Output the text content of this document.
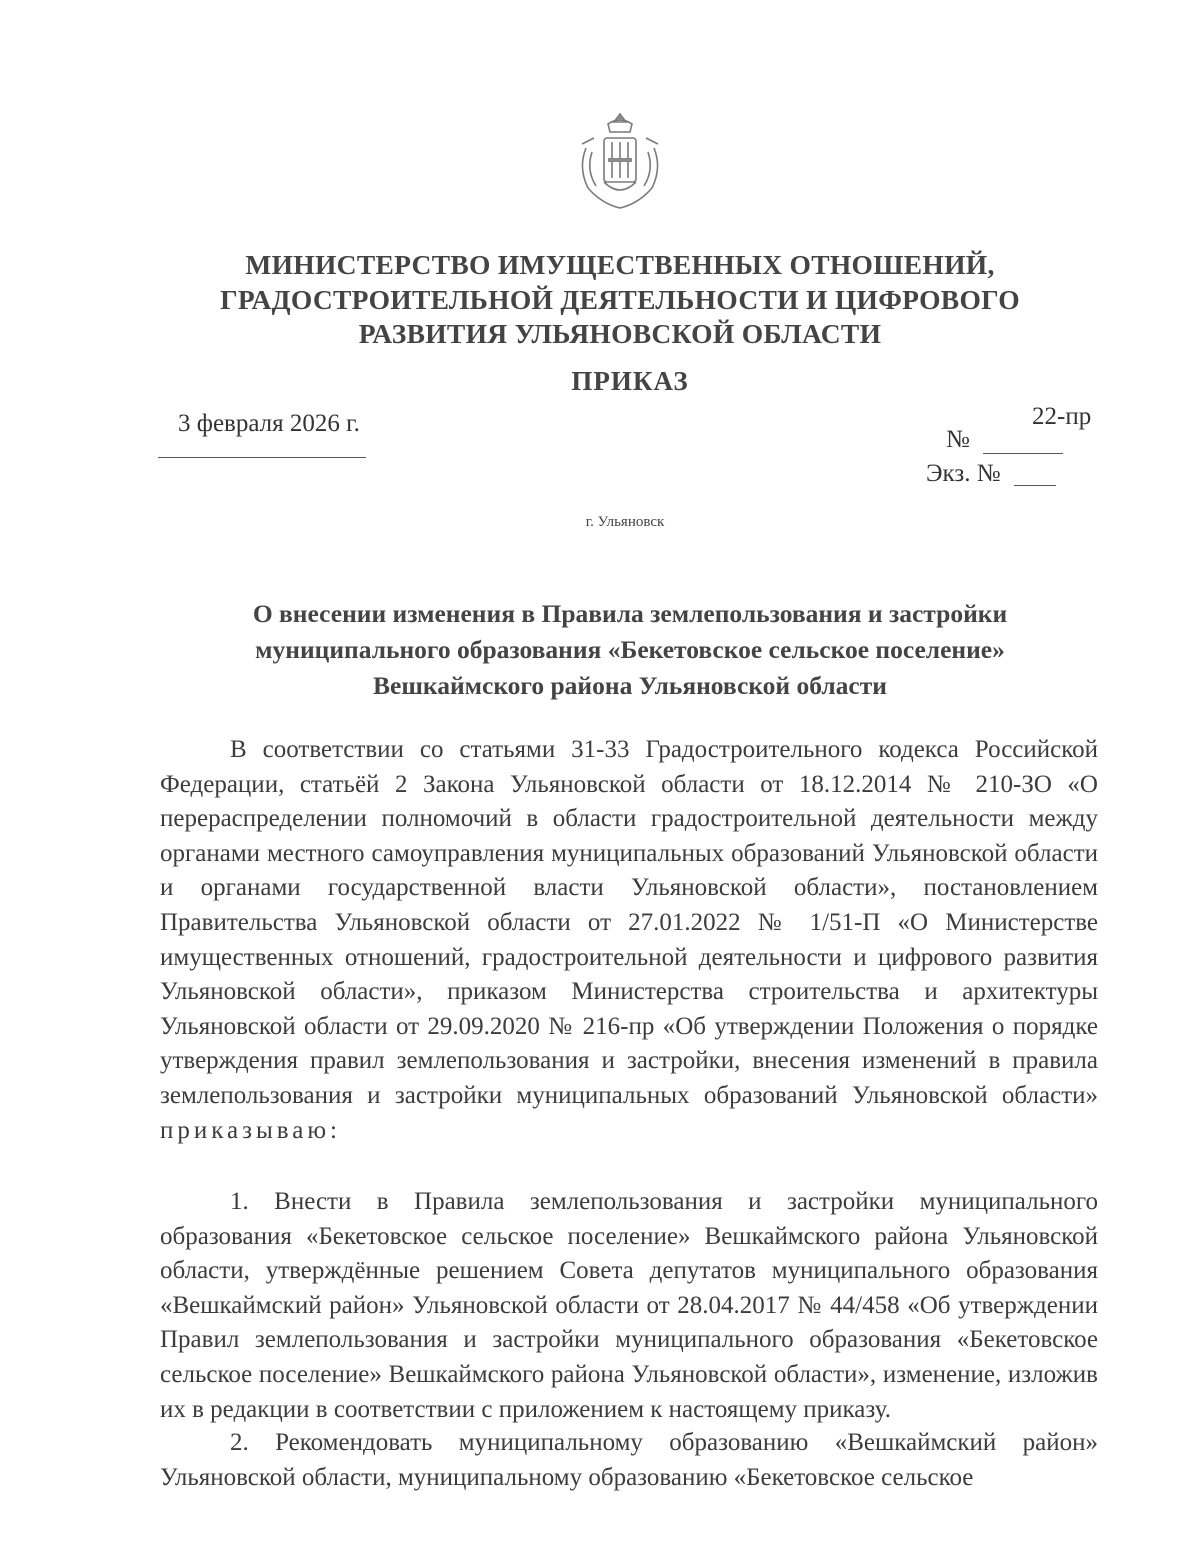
МИНИСТЕРСТВО ИМУЩЕСТВЕННЫХ ОТНОШЕНИЙ,
ГРАДОСТРОИТЕЛЬНОЙ ДЕЯТЕЛЬНОСТИ И ЦИФРОВОГО
РАЗВИТИЯ УЛЬЯНОВСКОЙ ОБЛАСТИ
ПРИКАЗ
3 февраля 2026 г.	22-пр
№
Экз. №
г. Ульяновск
О внесении изменения в Правила землепользования и застройки
муниципального образования «Бекетовское сельское поселение»
Вешкаймского района Ульяновской области

В соответствии со статьями 31-33 Градостроительного кодекса Российской Федерации, статьёй 2 Закона Ульяновской области от 18.12.2014 № 210-ЗО «О перераспределении полномочий в области градостроительной деятельности между органами местного самоуправления муниципальных образований Ульяновской области и органами государственной власти Ульяновской области», постановлением Правительства Ульяновской области от 27.01.2022 № 1/51-П «О Министерстве имущественных отношений, градостроительной деятельности и цифрового развития Ульяновской области», приказом Министерства строительства и архитектуры Ульяновской области от 29.09.2020 № 216-пр «Об утверждении Положения о порядке утверждения правил землепользования и застройки, внесения изменений в правила землепользования и застройки муниципальных образований Ульяновской области» приказываю:

1. Внести в Правила землепользования и застройки муниципального образования «Бекетовское сельское поселение» Вешкаймского района Ульяновской области, утверждённые решением Совета депутатов муниципального образования «Вешкаймский район» Ульяновской области от 28.04.2017 № 44/458 «Об утверждении Правил землепользования и застройки муниципального образования «Бекетовское сельское поселение» Вешкаймского района Ульяновской области», изменение, изложив их в редакции в соответствии с приложением к настоящему приказу.

2. Рекомендовать муниципальному образованию «Вешкаймский район» Ульяновской области, муниципальному образованию «Бекетовское сельское
